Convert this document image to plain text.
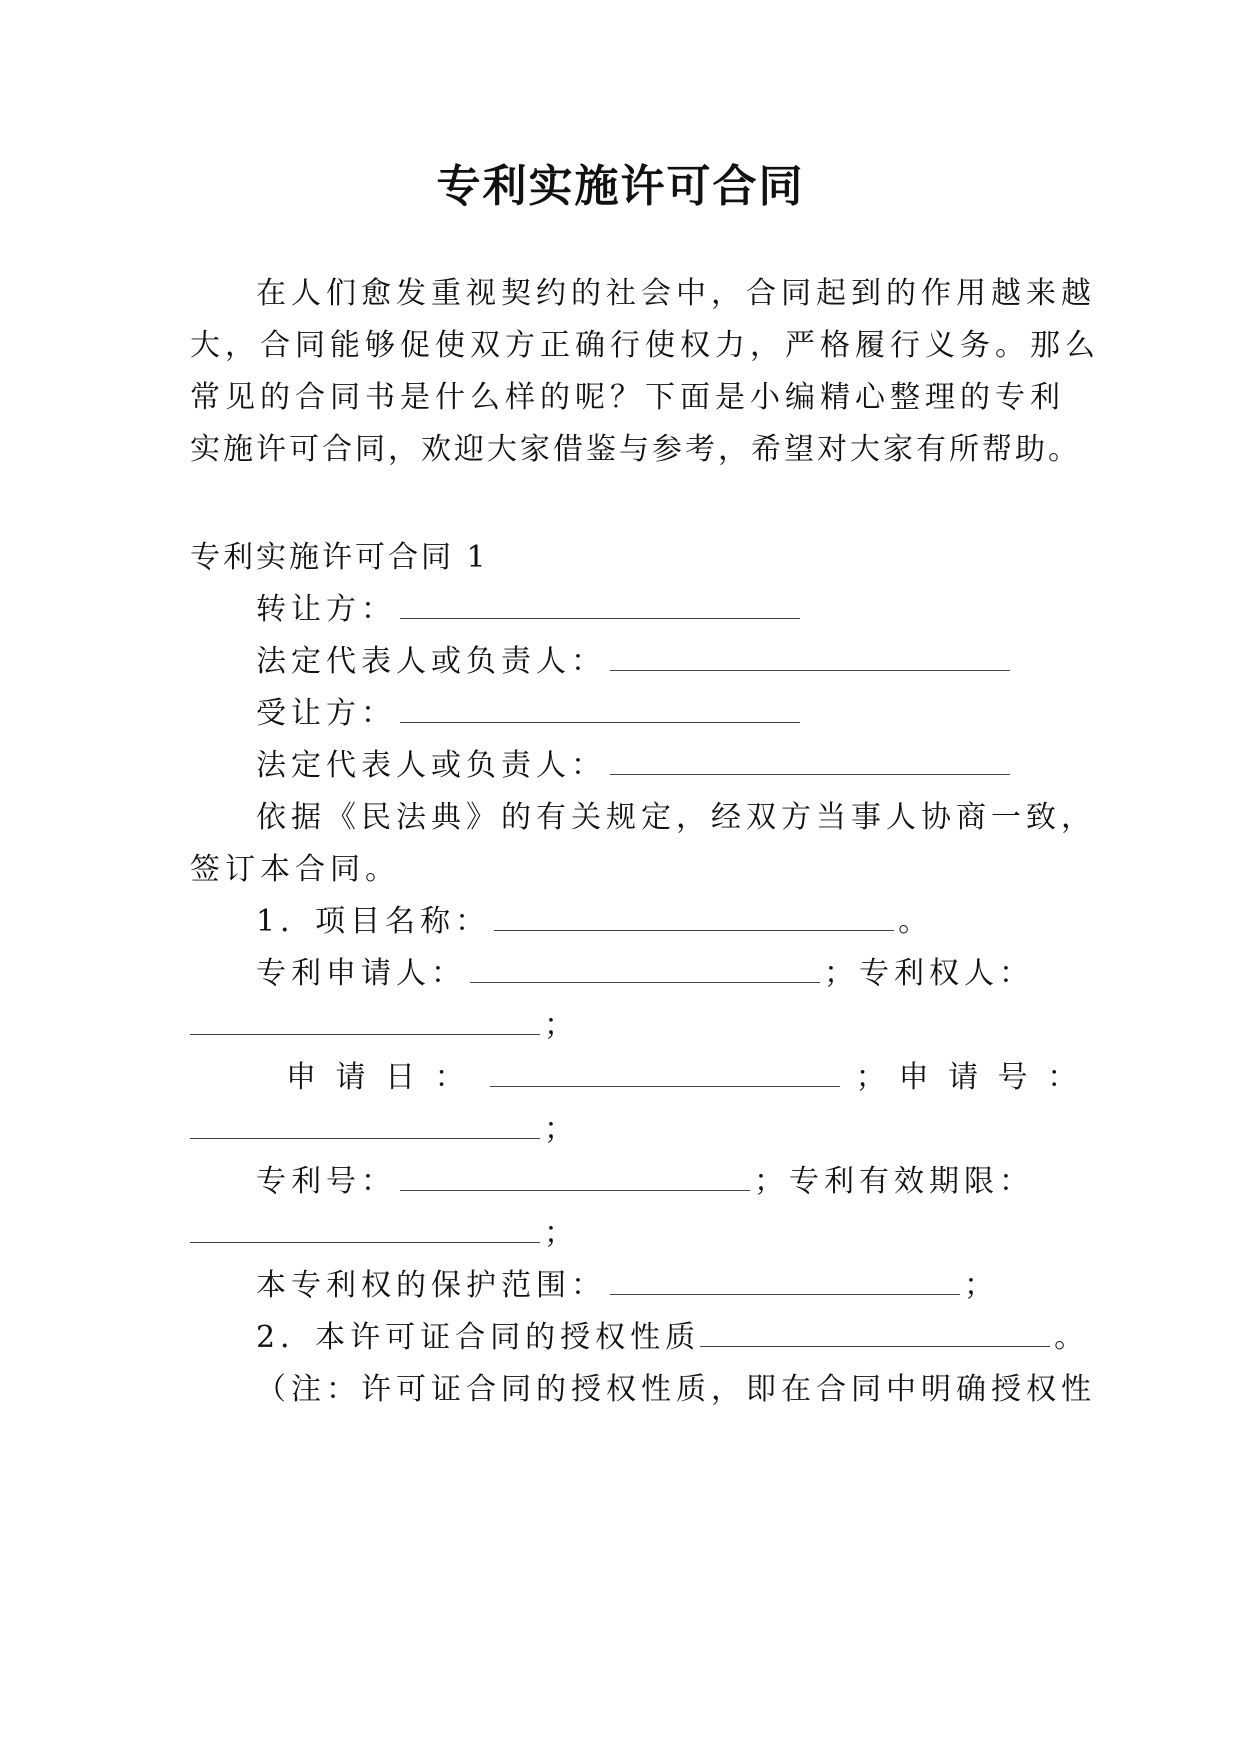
专利实施许可合同
在人们愈发重视契约的社会中，合同起到的作用越来越
大，合同能够促使双方正确行使权力，严格履行义务。那么
常见的合同书是什么样的呢？下面是小编精心整理的专利
实施许可合同，欢迎大家借鉴与参考，希望对大家有所帮助。
专利实施许可合同 1
转让方：
法定代表人或负责人：
受让方：
法定代表人或负责人：
依据《民法典》的有关规定，经双方当事人协商一致，
签订本合同。
1．项目名称：	。
专利申请人：	；专利权人：
；
申 请 日 ：	； 申 请 号 ：
；
专利号：	；专利有效期限：
；
本专利权的保护范围：	；
2．本许可证合同的授权性质	。
（注：许可证合同的授权性质，即在合同中明确授权性
